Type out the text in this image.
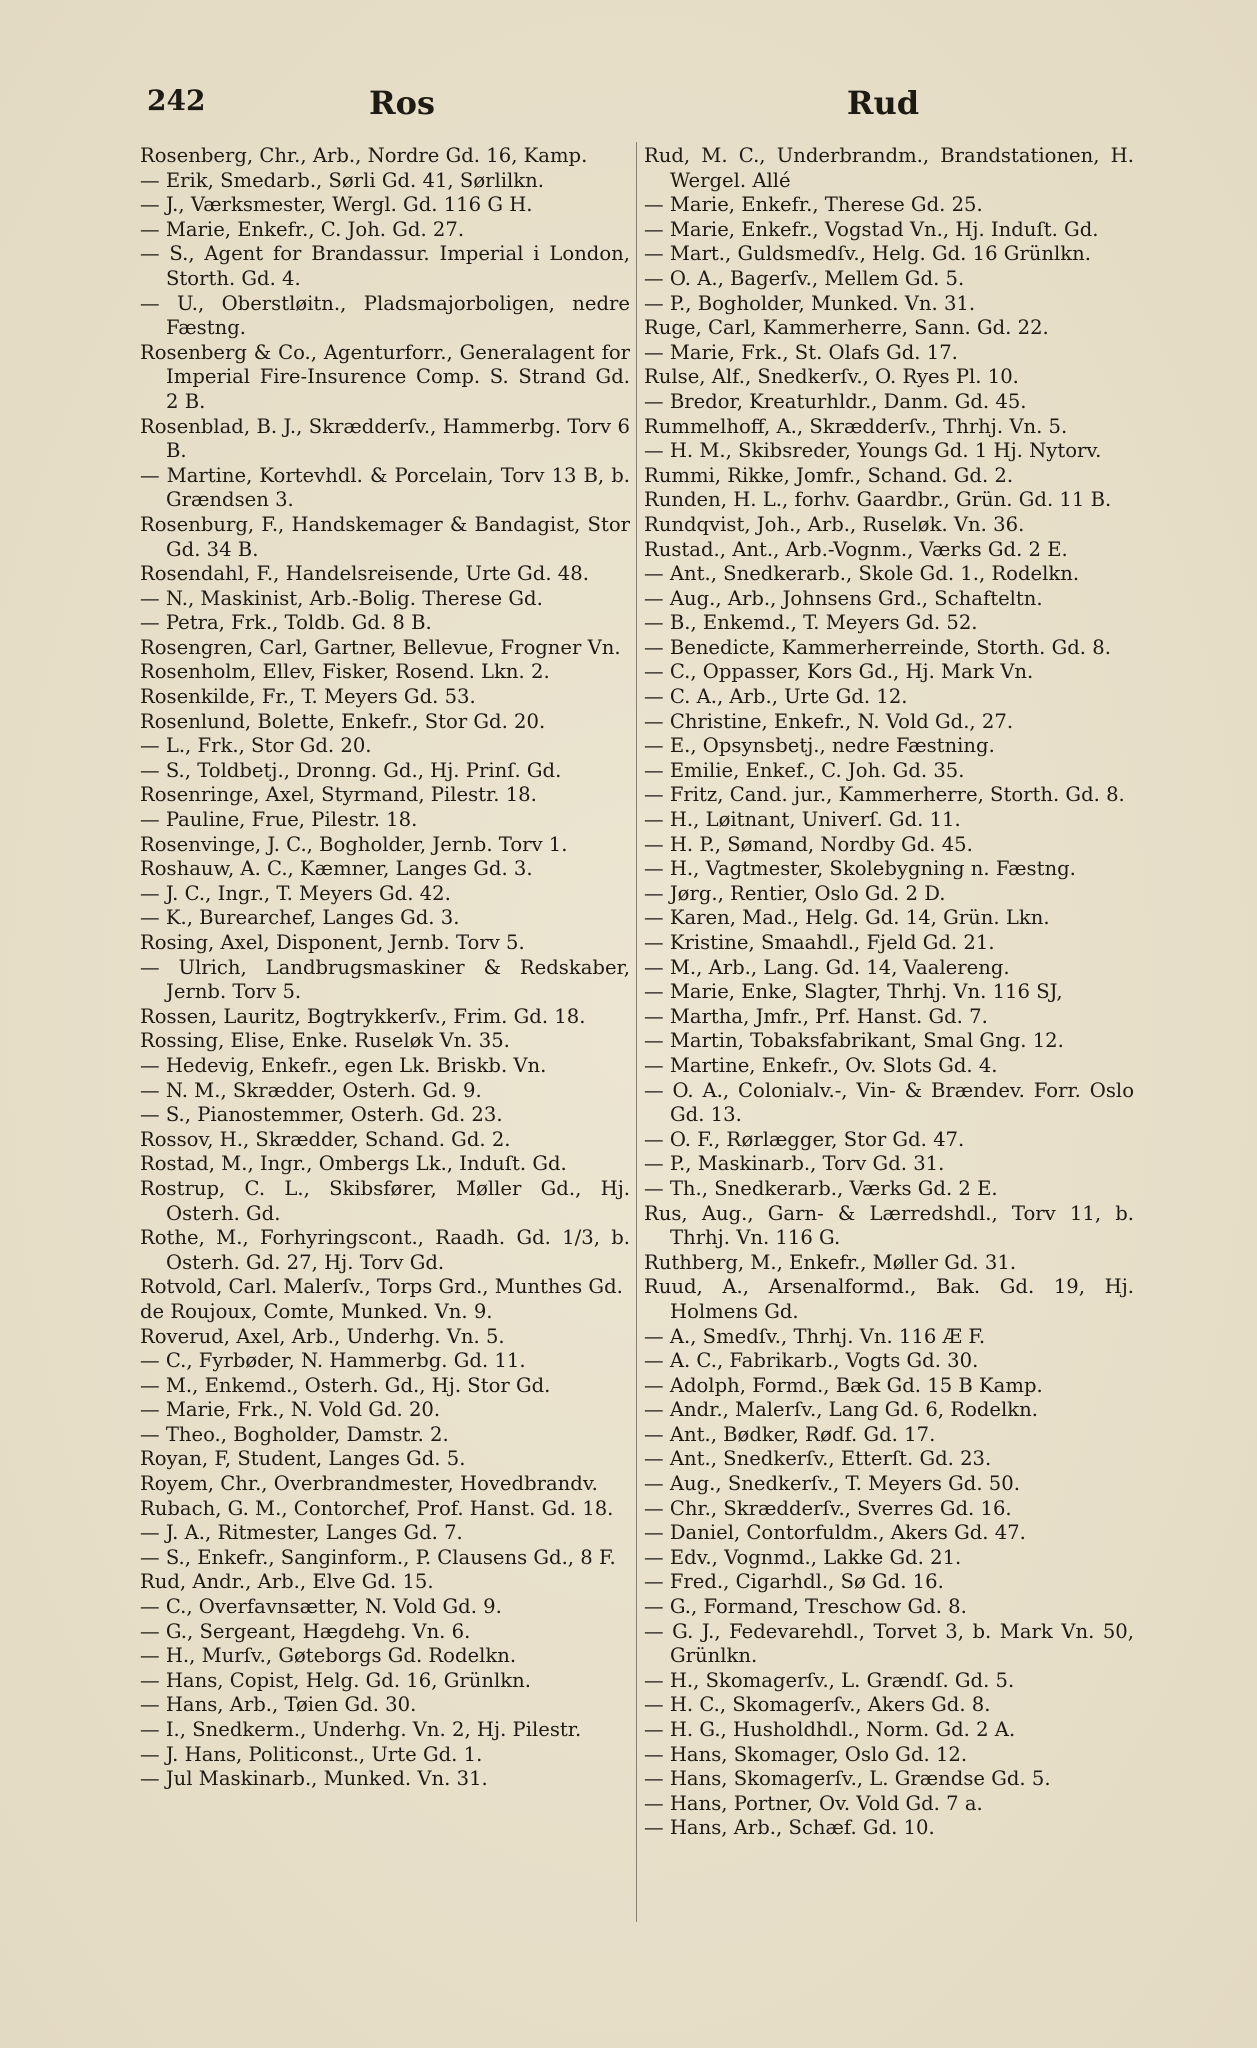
242	Ros	Rud
Rosenberg, Chr., Arb., Nordre Gd. 16, Kamp.
— Erik, Smedarb., Sørli Gd. 41, Sørlilkn.
— J., Værksmester, Wergl. Gd. 116 G H.
— Marie, Enkefr., C. Joh. Gd. 27.
— S., Agent for Brandassur. Imperial i London, Storth. Gd. 4.
— U., Oberstløitn., Pladsmajorboligen, nedre Fæstng.
Rosenberg & Co., Agenturforr., Generalagent for Imperial Fire-Insurence Comp. S. Strand Gd. 2 B.
Rosenblad, B. J., Skrædderſv., Hammerbg. Torv 6 B.
— Martine, Kortevhdl. & Porcelain, Torv 13 B, b. Grændsen 3.
Rosenburg, F., Handskemager & Bandagist, Stor Gd. 34 B.
Rosendahl, F., Handelsreisende, Urte Gd. 48.
— N., Maskinist, Arb.-Bolig. Therese Gd.
— Petra, Frk., Toldb. Gd. 8 B.
Rosengren, Carl, Gartner, Bellevue, Frogner Vn.
Rosenholm, Ellev, Fisker, Rosend. Lkn. 2.
Rosenkilde, Fr., T. Meyers Gd. 53.
Rosenlund, Bolette, Enkefr., Stor Gd. 20.
— L., Frk., Stor Gd. 20.
— S., Toldbetj., Dronng. Gd., Hj. Prinſ. Gd.
Rosenringe, Axel, Styrmand, Pilestr. 18.
— Pauline, Frue, Pilestr. 18.
Rosenvinge, J. C., Bogholder, Jernb. Torv 1.
Roshauw, A. C., Kæmner, Langes Gd. 3.
— J. C., Ingr., T. Meyers Gd. 42.
— K., Burearchef, Langes Gd. 3.
Rosing, Axel, Disponent, Jernb. Torv 5.
— Ulrich, Landbrugsmaskiner & Redskaber, Jernb. Torv 5.
Rossen, Lauritz, Bogtrykkerſv., Frim. Gd. 18.
Rossing, Elise, Enke. Ruseløk Vn. 35.
— Hedevig, Enkefr., egen Lk. Briskb. Vn.
— N. M., Skrædder, Osterh. Gd. 9.
— S., Pianostemmer, Osterh. Gd. 23.
Rossov, H., Skrædder, Schand. Gd. 2.
Rostad, M., Ingr., Ombergs Lk., Induſt. Gd.
Rostrup, C. L., Skibsfører, Møller Gd., Hj. Osterh. Gd.
Rothe, M., Forhyringscont., Raadh. Gd. 1/3, b. Osterh. Gd. 27, Hj. Torv Gd.
Rotvold, Carl. Malerſv., Torps Grd., Munthes Gd.
de Roujoux, Comte, Munked. Vn. 9.
Roverud, Axel, Arb., Underhg. Vn. 5.
— C., Fyrbøder, N. Hammerbg. Gd. 11.
— M., Enkemd., Osterh. Gd., Hj. Stor Gd.
— Marie, Frk., N. Vold Gd. 20.
— Theo., Bogholder, Damstr. 2.
Royan, F, Student, Langes Gd. 5.
Royem, Chr., Overbrandmester, Hovedbrandv.
Rubach, G. M., Contorchef, Prof. Hanst. Gd. 18.
— J. A., Ritmester, Langes Gd. 7.
— S., Enkefr., Sanginform., P. Clausens Gd., 8 F.
Rud, Andr., Arb., Elve Gd. 15.
— C., Overfavnsætter, N. Vold Gd. 9.
— G., Sergeant, Hægdehg. Vn. 6.
— H., Murſv., Gøteborgs Gd. Rodelkn.
— Hans, Copist, Helg. Gd. 16, Grünlkn.
— Hans, Arb., Tøien Gd. 30.
— I., Snedkerm., Underhg. Vn. 2, Hj. Pilestr.
— J. Hans, Politiconst., Urte Gd. 1.
— Jul Maskinarb., Munked. Vn. 31.
Rud, M. C., Underbrandm., Brandstationen, H. Wergel. Allé
— Marie, Enkefr., Therese Gd. 25.
— Marie, Enkefr., Vogstad Vn., Hj. Induſt. Gd.
— Mart., Guldsmedſv., Helg. Gd. 16 Grünlkn.
— O. A., Bagerſv., Mellem Gd. 5.
— P., Bogholder, Munked. Vn. 31.
Ruge, Carl, Kammerherre, Sann. Gd. 22.
— Marie, Frk., St. Olafs Gd. 17.
Rulse, Alf., Snedkerſv., O. Ryes Pl. 10.
— Bredor, Kreaturhldr., Danm. Gd. 45.
Rummelhoff, A., Skrædderſv., Thrhj. Vn. 5.
— H. M., Skibsreder, Youngs Gd. 1 Hj. Nytorv.
Rummi, Rikke, Jomfr., Schand. Gd. 2.
Runden, H. L., forhv. Gaardbr., Grün. Gd. 11 B.
Rundqvist, Joh., Arb., Ruseløk. Vn. 36.
Rustad., Ant., Arb.-Vognm., Værks Gd. 2 E.
— Ant., Snedkerarb., Skole Gd. 1., Rodelkn.
— Aug., Arb., Johnsens Grd., Schafteltn.
— B., Enkemd., T. Meyers Gd. 52.
— Benedicte, Kammerherreinde, Storth. Gd. 8.
— C., Oppasser, Kors Gd., Hj. Mark Vn.
— C. A., Arb., Urte Gd. 12.
— Christine, Enkefr., N. Vold Gd., 27.
— E., Opsynsbetj., nedre Fæstning.
— Emilie, Enkef., C. Joh. Gd. 35.
— Fritz, Cand. jur., Kammerherre, Storth. Gd. 8.
— H., Løitnant, Univerſ. Gd. 11.
— H. P., Sømand, Nordby Gd. 45.
— H., Vagtmester, Skolebygning n. Fæstng.
— Jørg., Rentier, Oslo Gd. 2 D.
— Karen, Mad., Helg. Gd. 14, Grün. Lkn.
— Kristine, Smaahdl., Fjeld Gd. 21.
— M., Arb., Lang. Gd. 14, Vaalereng.
— Marie, Enke, Slagter, Thrhj. Vn. 116 SJ,
— Martha, Jmfr., Prf. Hanst. Gd. 7.
— Martin, Tobaksfabrikant, Smal Gng. 12.
— Martine, Enkefr., Ov. Slots Gd. 4.
— O. A., Colonialv.-, Vin- & Brændev. Forr. Oslo Gd. 13.
— O. F., Rørlægger, Stor Gd. 47.
— P., Maskinarb., Torv Gd. 31.
— Th., Snedkerarb., Værks Gd. 2 E.
Rus, Aug., Garn- & Lærredshdl., Torv 11, b. Thrhj. Vn. 116 G.
Ruthberg, M., Enkefr., Møller Gd. 31.
Ruud, A., Arsenalformd., Bak. Gd. 19, Hj. Holmens Gd.
— A., Smedſv., Thrhj. Vn. 116 Æ F.
— A. C., Fabrikarb., Vogts Gd. 30.
— Adolph, Formd., Bæk Gd. 15 B Kamp.
— Andr., Malerſv., Lang Gd. 6, Rodelkn.
— Ant., Bødker, Rødf. Gd. 17.
— Ant., Snedkerſv., Etterſt. Gd. 23.
— Aug., Snedkerſv., T. Meyers Gd. 50.
— Chr., Skrædderſv., Sverres Gd. 16.
— Daniel, Contorfuldm., Akers Gd. 47.
— Edv., Vognmd., Lakke Gd. 21.
— Fred., Cigarhdl., Sø Gd. 16.
— G., Formand, Treschow Gd. 8.
— G. J., Fedevarehdl., Torvet 3, b. Mark Vn. 50, Grünlkn.
— H., Skomagerſv., L. Grændſ. Gd. 5.
— H. C., Skomagerſv., Akers Gd. 8.
— H. G., Husholdhdl., Norm. Gd. 2 A.
— Hans, Skomager, Oslo Gd. 12.
— Hans, Skomagerſv., L. Grændse Gd. 5.
— Hans, Portner, Ov. Vold Gd. 7 a.
— Hans, Arb., Schæf. Gd. 10.
